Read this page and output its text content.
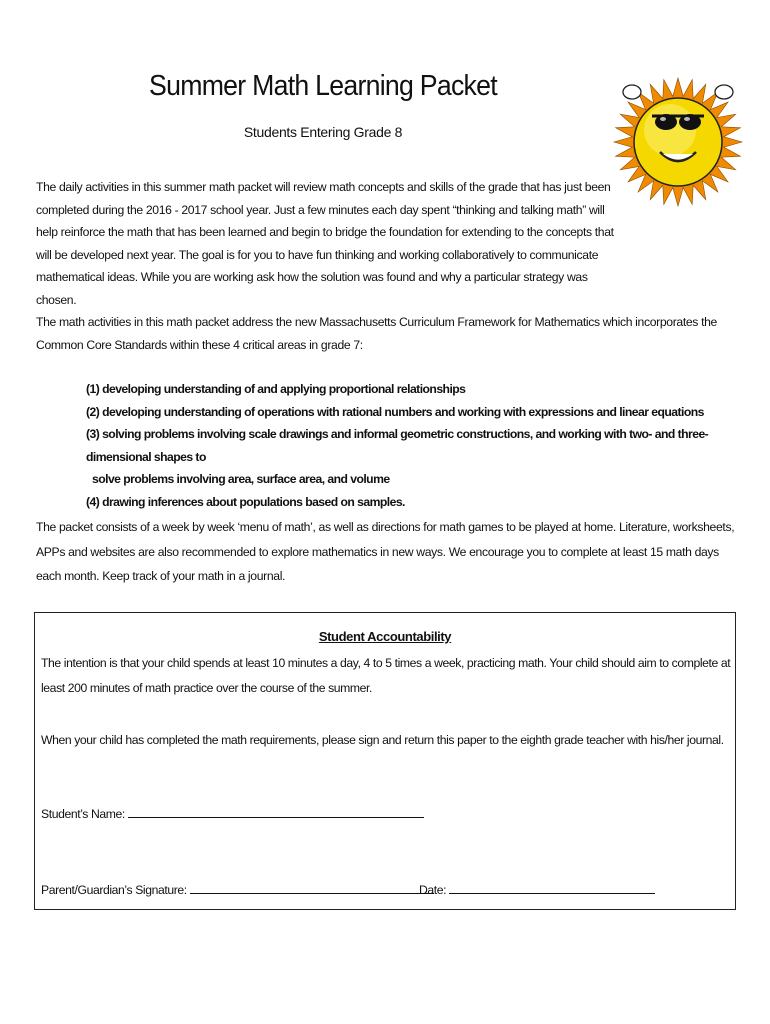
Summer Math Learning Packet
Students Entering Grade 8
The daily activities in this summer math packet will review math concepts and skills of the grade that has just been completed during the 2016 - 2017 school year. Just a few minutes each day spent “thinking and talking math” will help reinforce the math that has been learned and begin to bridge the foundation for extending to the concepts that will be developed next year. The goal is for you to have fun thinking and working collaboratively to communicate mathematical ideas. While you are working ask how the solution was found and why a particular strategy was chosen.
The math activities in this math packet address the new Massachusetts Curriculum Framework for Mathematics which incorporates the Common Core Standards within these 4 critical areas in grade 7:
(1) developing understanding of and applying proportional relationships
(2) developing understanding of operations with rational numbers and working with expressions and linear equations
(3) solving problems involving scale drawings and informal geometric constructions, and working with two- and three-dimensional shapes to
solve problems involving area, surface area, and volume
(4) drawing inferences about populations based on samples.
The packet consists of a week by week ‘menu of math’, as well as directions for math games to be played at home. Literature, worksheets, APPs and websites are also recommended to explore mathematics in new ways. We encourage you to complete at least 15 math days each month. Keep track of your math in a journal.
Student Accountability
The intention is that your child spends at least 10 minutes a day, 4 to 5 times a week, practicing math. Your child should aim to complete at least 200 minutes of math practice over the course of the summer.
When your child has completed the math requirements, please sign and return this paper to the eighth grade teacher with his/her journal.
Student’s Name:
Parent/Guardian’s Signature:	Date:
